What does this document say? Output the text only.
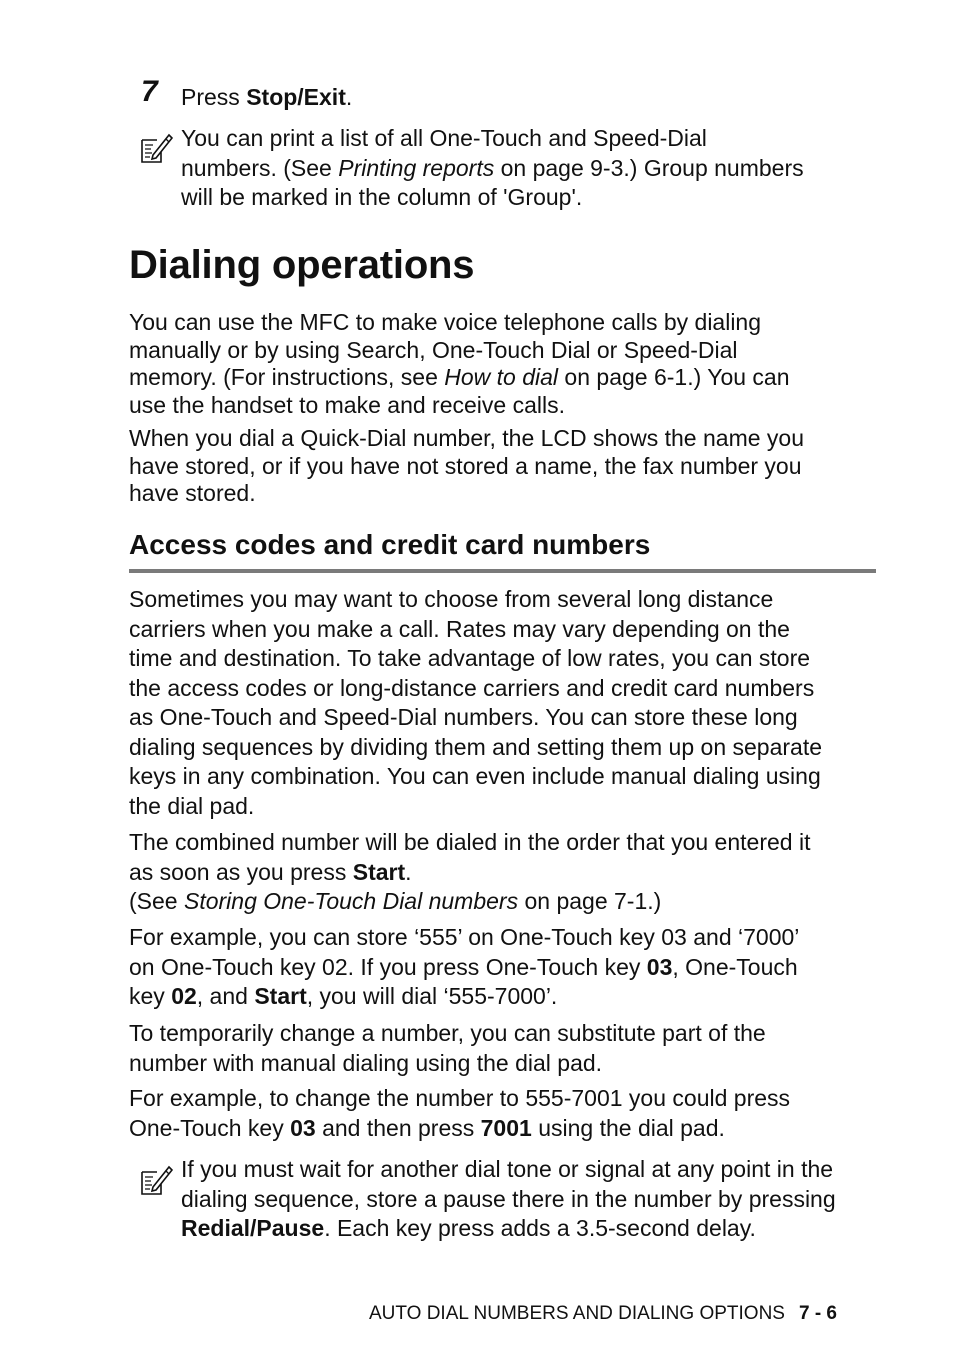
7 Press Stop/Exit.
You can print a list of all One-Touch and Speed-Dial
numbers. (See Printing reports on page 9-3.) Group numbers
will be marked in the column of 'Group'.
Dialing operations
You can use the MFC to make voice telephone calls by dialing
manually or by using Search, One-Touch Dial or Speed-Dial
memory. (For instructions, see How to dial on page 6-1.) You can
use the handset to make and receive calls.
When you dial a Quick-Dial number, the LCD shows the name you
have stored, or if you have not stored a name, the fax number you
have stored.
Access codes and credit card numbers
Sometimes you may want to choose from several long distance
carriers when you make a call. Rates may vary depending on the
time and destination. To take advantage of low rates, you can store
the access codes or long-distance carriers and credit card numbers
as One-Touch and Speed-Dial numbers. You can store these long
dialing sequences by dividing them and setting them up on separate
keys in any combination. You can even include manual dialing using
the dial pad.
The combined number will be dialed in the order that you entered it
as soon as you press Start.
(See Storing One-Touch Dial numbers on page 7-1.)
For example, you can store ‘555’ on One-Touch key 03 and ‘7000’
on One-Touch key 02. If you press One-Touch key 03, One-Touch
key 02, and Start, you will dial ‘555-7000’.
To temporarily change a number, you can substitute part of the
number with manual dialing using the dial pad.
For example, to change the number to 555-7001 you could press
One-Touch key 03 and then press 7001 using the dial pad.
If you must wait for another dial tone or signal at any point in the
dialing sequence, store a pause there in the number by pressing
Redial/Pause. Each key press adds a 3.5-second delay.
AUTO DIAL NUMBERS AND DIALING OPTIONS 7 - 6
